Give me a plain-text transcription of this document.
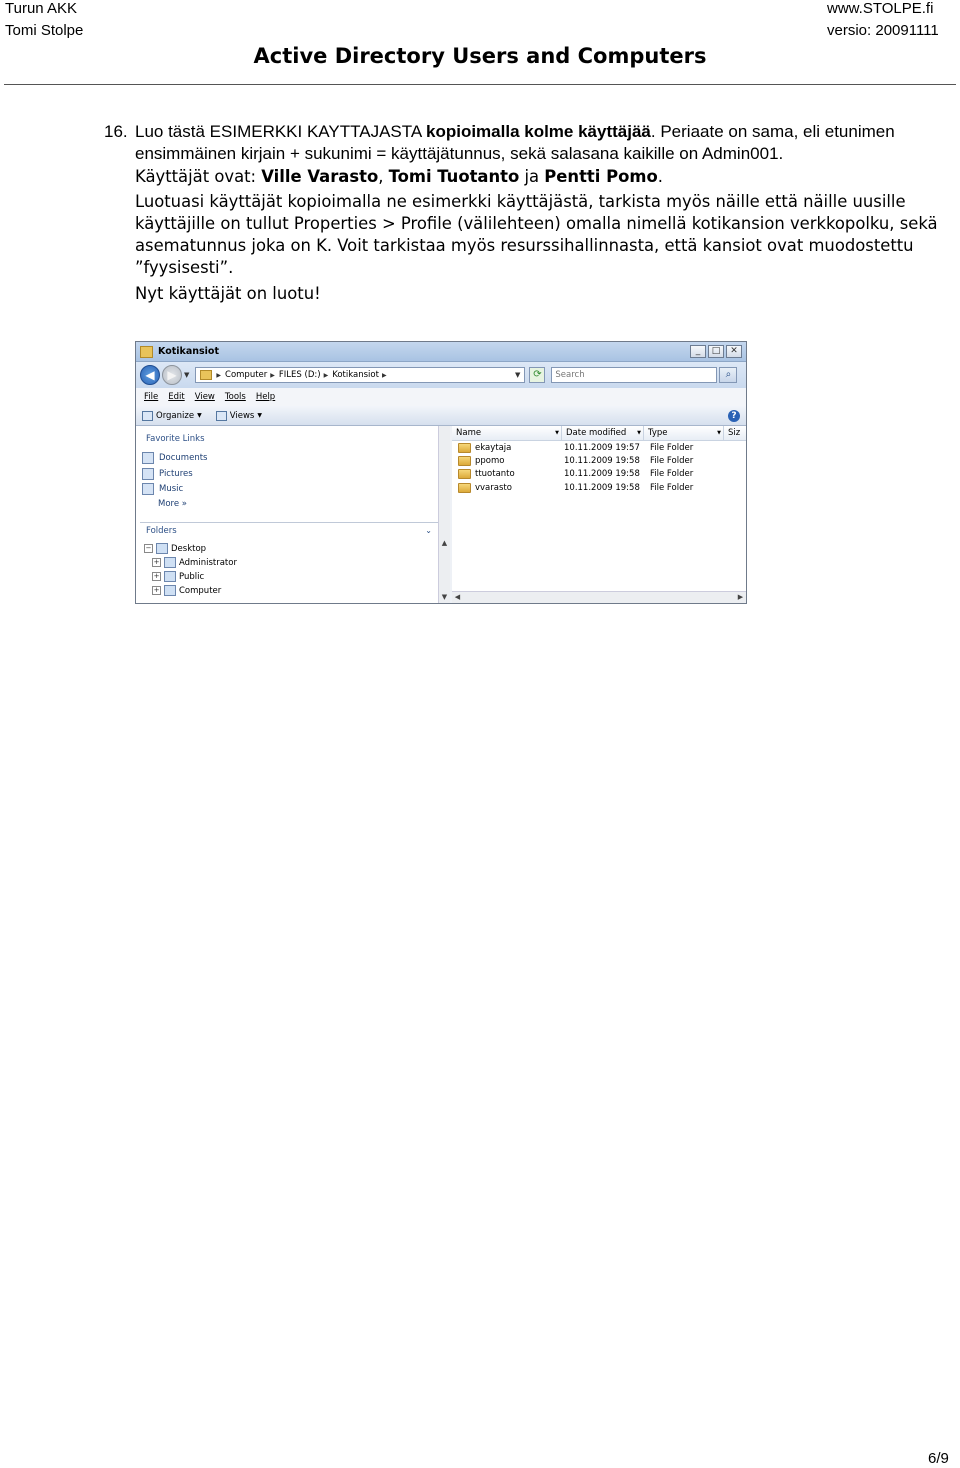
Turun AKK
Tomi Stolpe
www.STOLPE.fi
versio: 20091111
Active Directory Users and Computers
16. Luo tästä ESIMERKKI KAYTTAJASTA kopioimalla kolme käyttäjää. Periaate on sama, eli etunimen ensimmäinen kirjain + sukunimi = käyttäjätunnus, sekä salasana kaikille on Admin001.
Käyttäjät ovat: Ville Varasto, Tomi Tuotanto ja Pentti Pomo.
Luotuasi käyttäjät kopioimalla ne esimerkki käyttäjästä, tarkista myös näille että näille uusille käyttäjille on tullut Properties > Profile (välilehteen) omalla nimellä kotikansion verkkopolku, sekä asematunnus joka on K. Voit tarkistaa myös resurssihallinnasta, että kansiot ovat muodostettu ”fyysisesti”.
Nyt käyttäjät on luotu!
Kotikansiot	_	□	✕
◀	▶	▼	▶ Computer ▶ FILES (D:) ▶ Kotikansiot ▶	▼	⟳	Search	⌕
File Edit View Tools Help
Organize ▼	Views ▼	?
Favorite Links
Documents
Pictures
Music
More »
Folders	⌄
− Desktop
+ Administrator
+ Public
+ Computer
▲
▼
Name	▼ Date modified ▼ Type	▼ Siz
ekaytaja	10.11.2009 19:57	File Folder
ppomo	10.11.2009 19:58	File Folder
ttuotanto	10.11.2009 19:58	File Folder
vvarasto	10.11.2009 19:58	File Folder
◀	▶
6/9
